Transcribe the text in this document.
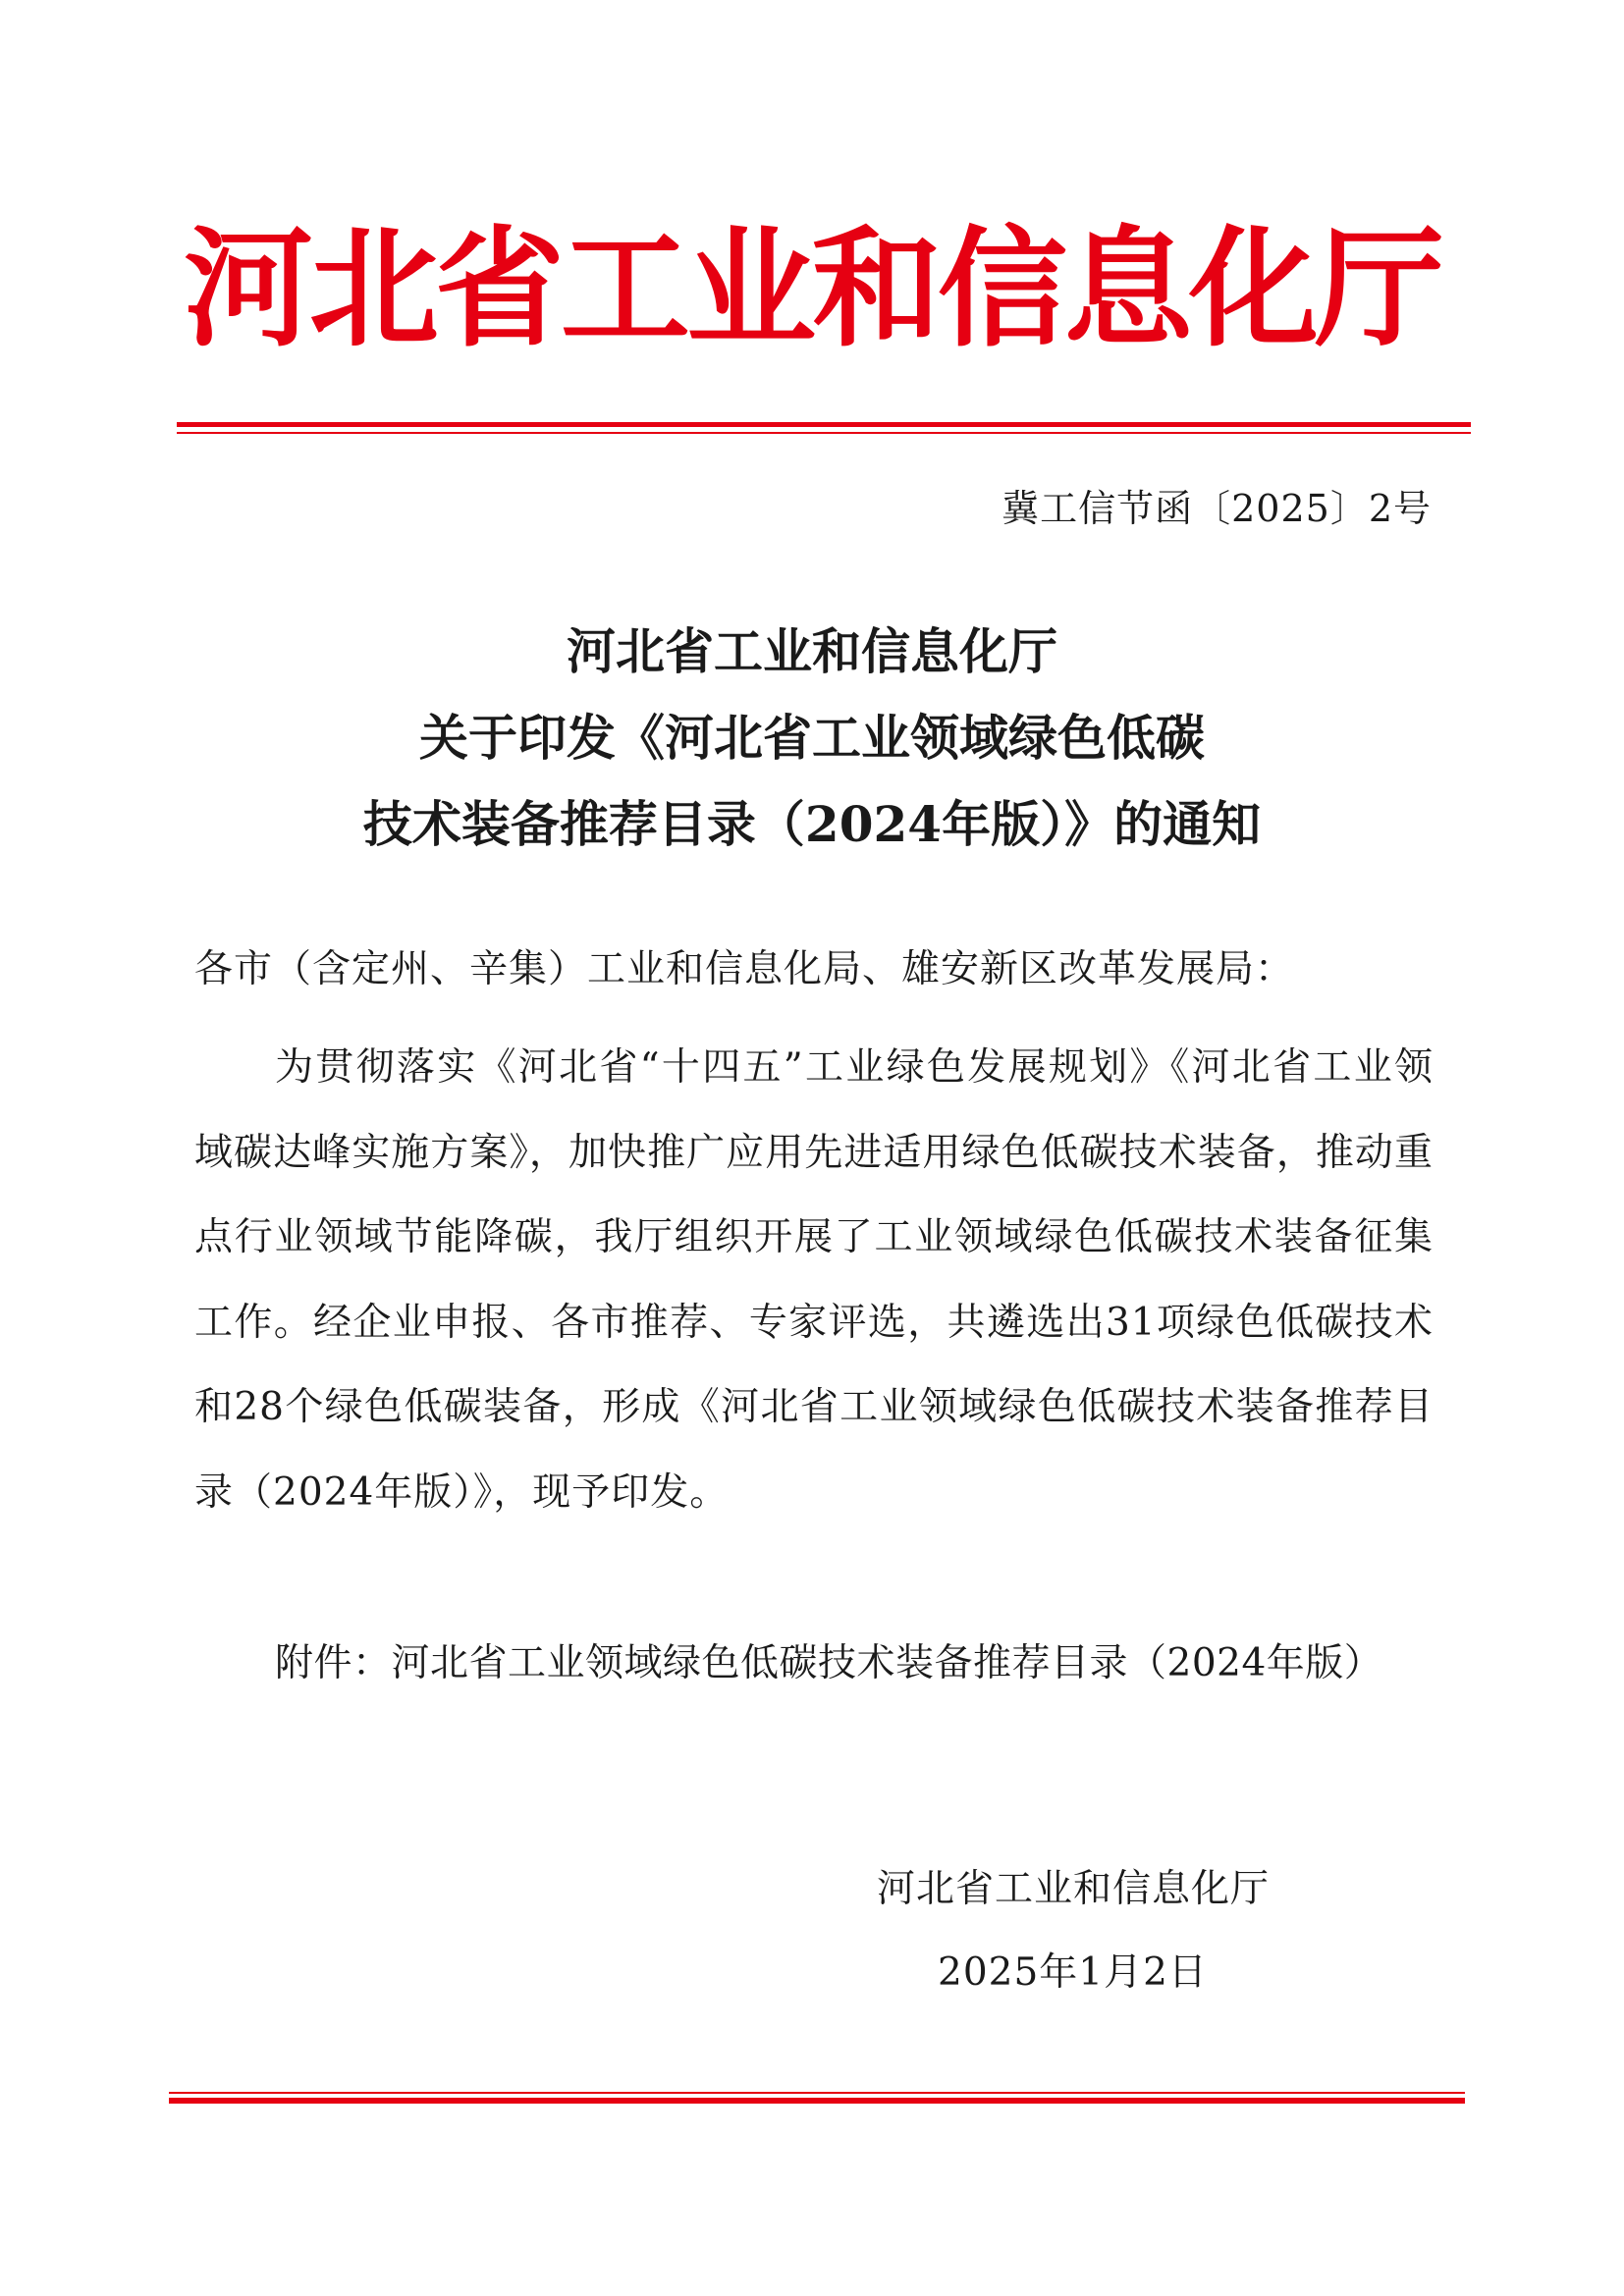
河北省工业和信息化厅
冀工信节函〔2025〕2号
河北省工业和信息化厅
关于印发《河北省工业领域绿色低碳
技术装备推荐目录（2024年版）》的通知
各市（含定州、辛集）工业和信息化局、雄安新区改革发展局：
为贯彻落实《河北省“十四五”工业绿色发展规划》《河北省工业领域碳达峰实施方案》，加快推广应用先进适用绿色低碳技术装备，推动重点行业领域节能降碳，我厅组织开展了工业领域绿色低碳技术装备征集工作。经企业申报、各市推荐、专家评选，共遴选出31项绿色低碳技术和28个绿色低碳装备，形成《河北省工业领域绿色低碳技术装备推荐目录（2024年版）》，现予印发。
附件：河北省工业领域绿色低碳技术装备推荐目录（2024年版）
河北省工业和信息化厅
2025年1月2日
